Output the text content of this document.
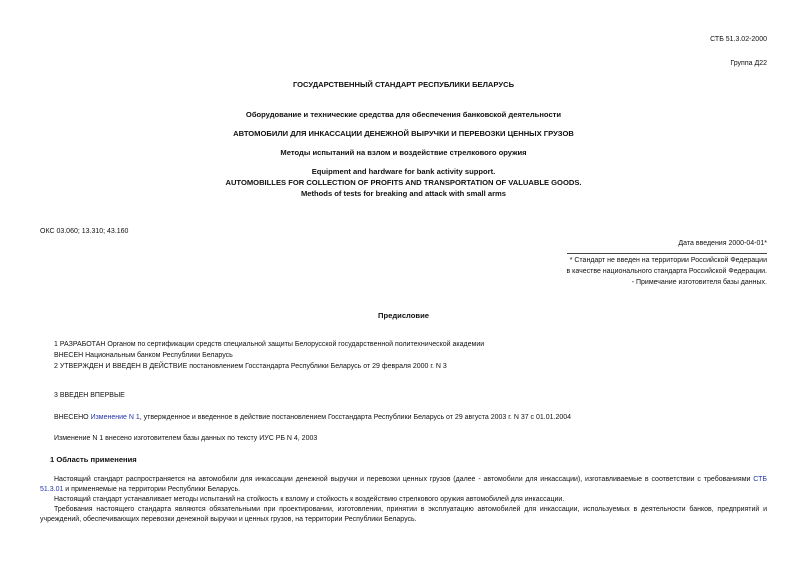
СТБ 51.3.02-2000
Группа Д22
ГОСУДАРСТВЕННЫЙ СТАНДАРТ РЕСПУБЛИКИ БЕЛАРУСЬ
Оборудование и технические средства для обеспечения банковской деятельности
АВТОМОБИЛИ ДЛЯ ИНКАССАЦИИ ДЕНЕЖНОЙ ВЫРУЧКИ И ПЕРЕВОЗКИ ЦЕННЫХ ГРУЗОВ
Методы испытаний на взлом и воздействие стрелкового оружия
Equipment and hardware for bank activity support.
AUTOMOBILLES FOR COLLECTION OF PROFITS AND TRANSPORTATION OF VALUABLE GOODS.
Methods of tests for breaking and attack with small arms
ОКС 03.060; 13.310; 43.160
Дата введения 2000-04-01*
* Стандарт не введен на территории Российской Федерации
в качестве национального стандарта Российской Федерации.
- Примечание изготовителя базы данных.
Предисловие
1 РАЗРАБОТАН Органом по сертификации средств специальной защиты Белорусской государственной политехнической академии
ВНЕСЕН Национальным банком Республики Беларусь
2 УТВЕРЖДЕН И ВВЕДЕН В ДЕЙСТВИЕ постановлением Госстандарта Республики Беларусь от 29 февраля 2000 г. N 3
3 ВВЕДЕН ВПЕРВЫЕ
ВНЕСЕНО Изменение N 1, утвержденное и введенное в действие постановлением Госстандарта Республики Беларусь от 29 августа 2003 г. N 37 с 01.01.2004
Изменение N 1 внесено изготовителем базы данных по тексту ИУС РБ N 4, 2003
1 Область применения
Настоящий стандарт распространяется на автомобили для инкассации денежной выручки и перевозки ценных грузов (далее - автомобили для инкассации), изготавливаемые в соответствии с требованиями СТБ 51.3.01 и применяемые на территории Республики Беларусь.
Настоящий стандарт устанавливает методы испытаний на стойкость к взлому и стойкость к воздействию стрелкового оружия автомобилей для инкассации.
Требования настоящего стандарта являются обязательными при проектировании, изготовлении, принятии в эксплуатацию автомобилей для инкассации, используемых в деятельности банков, предприятий и учреждений, обеспечивающих перевозки денежной выручки и ценных грузов, на территории Республики Беларусь.
